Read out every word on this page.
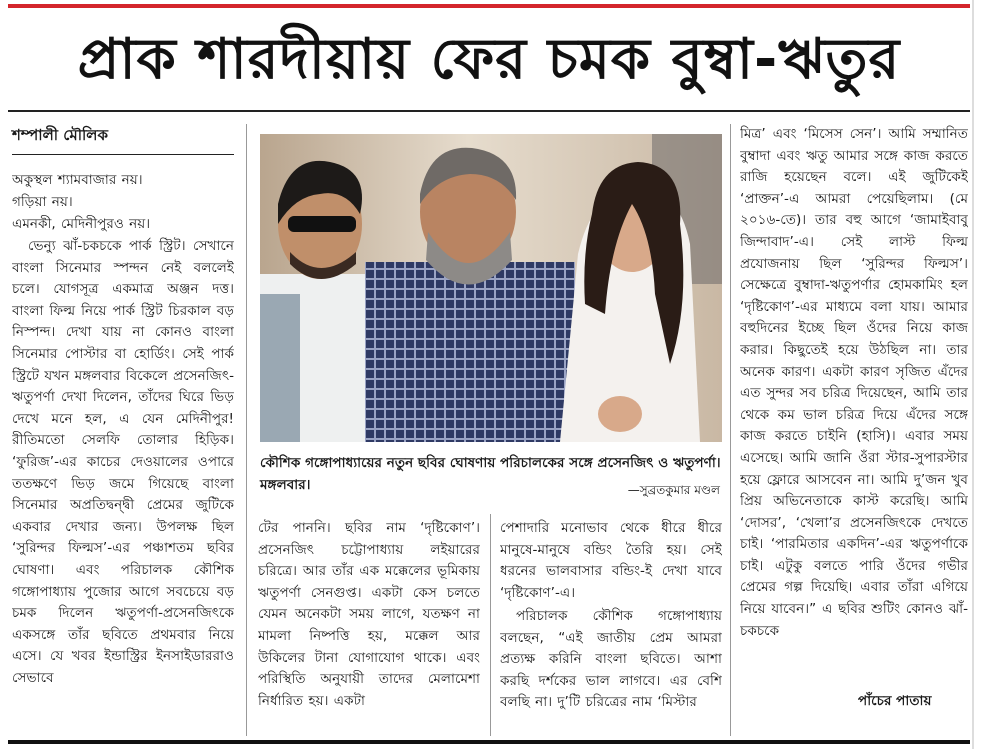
প্রাক শারদীয়ায় ফের চমক বুম্বা-ঋতুর
শম্পালী মৌলিক
অকুস্থল শ্যামবাজার নয়।
গড়িয়া নয়।
এমনকী, মেদিনীপুরও নয়।
ভেন্যু ঝাঁ-চকচকে পার্ক স্ট্রিট। সেখানে বাংলা সিনেমার স্পন্দন নেই বললেই চলে। যোগসূত্র একমাত্র অঞ্জন দত্ত। বাংলা ফিল্ম নিয়ে পার্ক স্ট্রিট চিরকাল বড় নিস্পন্দ। দেখা যায় না কোনও বাংলা সিনেমার পোস্টার বা হোর্ডিং। সেই পার্ক স্ট্রিটে যখন মঙ্গলবার বিকেলে প্রসেনজিৎ-ঋতুপর্ণা দেখা দিলেন, তাঁদের ঘিরে ভিড় দেখে মনে হল, এ যেন মেদিনীপুর! রীতিমতো সেলফি তোলার হিড়িক। ‘ফুরিজ’-এর কাচের দেওয়ালের ওপারে ততক্ষণে ভিড় জমে গিয়েছে বাংলা সিনেমার অপ্রতিদ্বন্দ্বী প্রেমের জুটিকে একবার দেখার জন্য। উপলক্ষ ছিল ‘সুরিন্দর ফিল্মস’-এর পঞ্চাশতম ছবির ঘোষণা। এবং পরিচালক কৌশিক গঙ্গোপাধ্যায় পুজোর আগে সবচেয়ে বড় চমক দিলেন ঋতুপর্ণা-প্রসেনজিৎকে একসঙ্গে তাঁর ছবিতে প্রথমবার নিয়ে এসে। যে খবর ইন্ডাস্ট্রির ইনসাইডাররাও সেভাবে
কৌশিক গঙ্গোপাধ্যায়ের নতুন ছবির ঘোষণায় পরিচালকের সঙ্গে প্রসেনজিৎ ও ঋতুপর্ণা। মঙ্গলবার।	—সুব্রতকুমার মণ্ডল
টের পাননি। ছবির নাম ‘দৃষ্টিকোণ’। প্রসেনজিৎ চট্টোপাধ্যায় লইয়ারের চরিত্রে। আর তাঁর এক মক্কেলের ভূমিকায় ঋতুপর্ণা সেনগুপ্ত। একটা কেস চলতে যেমন অনেকটা সময় লাগে, যতক্ষণ না মামলা নিষ্পত্তি হয়, মক্কেল আর উকিলের টানা যোগাযোগ থাকে। এবং পরিস্থিতি অনুযায়ী তাদের মেলামেশা নির্ধারিত হয়। একটা
পেশাদারি মনোভাব থেকে ধীরে ধীরে মানুষে-মানুষে বন্ডিং তৈরি হয়। সেই ধরনের ভালবাসার বন্ডিং-ই দেখা যাবে ‘দৃষ্টিকোণ’-এ।
পরিচালক কৌশিক গঙ্গোপাধ্যায় বলছেন, “এই জাতীয় প্রেম আমরা প্রত্যক্ষ করিনি বাংলা ছবিতে। আশা করছি দর্শকের ভাল লাগবে। এর বেশি বলছি না। দু’টি চরিত্রের নাম ‘মিস্টার
মিত্র’ এবং ‘মিসেস সেন’। আমি সম্মানিত বুম্বাদা এবং ঋতু আমার সঙ্গে কাজ করতে রাজি হয়েছেন বলে। এই জুটিকেই ‘প্রাক্তন’-এ আমরা পেয়েছিলাম। (মে ২০১৬-তে)। তার বহু আগে ‘জামাইবাবু জিন্দাবাদ’-এ। সেই লাস্ট ফিল্ম প্রযোজনায় ছিল ‘সুরিন্দর ফিল্মস’। সেক্ষেত্রে বুম্বাদা-ঋতুপর্ণার হোমকামিং হল ‘দৃষ্টিকোণ’-এর মাধ্যমে বলা যায়। আমার বহুদিনের ইচ্ছে ছিল ওঁদের নিয়ে কাজ করার। কিছুতেই হয়ে উঠছিল না। তার অনেক কারণ। একটা কারণ সৃজিত এঁদের এত সুন্দর সব চরিত্র দিয়েছেন, আমি তার থেকে কম ভাল চরিত্র দিয়ে এঁদের সঙ্গে কাজ করতে চাইনি (হাসি)। এবার সময় এসেছে। আমি জানি ওঁরা স্টার-সুপারস্টার হয়ে ফ্লোরে আসবেন না। আমি দু’জন খুব প্রিয় অভিনেতাকে কাস্ট করেছি। আমি ‘দোসর’, ‘খেলা’র প্রসেনজিৎকে দেখতে চাই। ‘পারমিতার একদিন’-এর ঋতুপর্ণাকে চাই। এটুকু বলতে পারি ওঁদের গভীর প্রেমের গল্প দিয়েছি। এবার তাঁরা এগিয়ে নিয়ে যাবেন।” এ ছবির শুটিং কোনও ঝাঁ-চকচকে
পাঁচের পাতায়
